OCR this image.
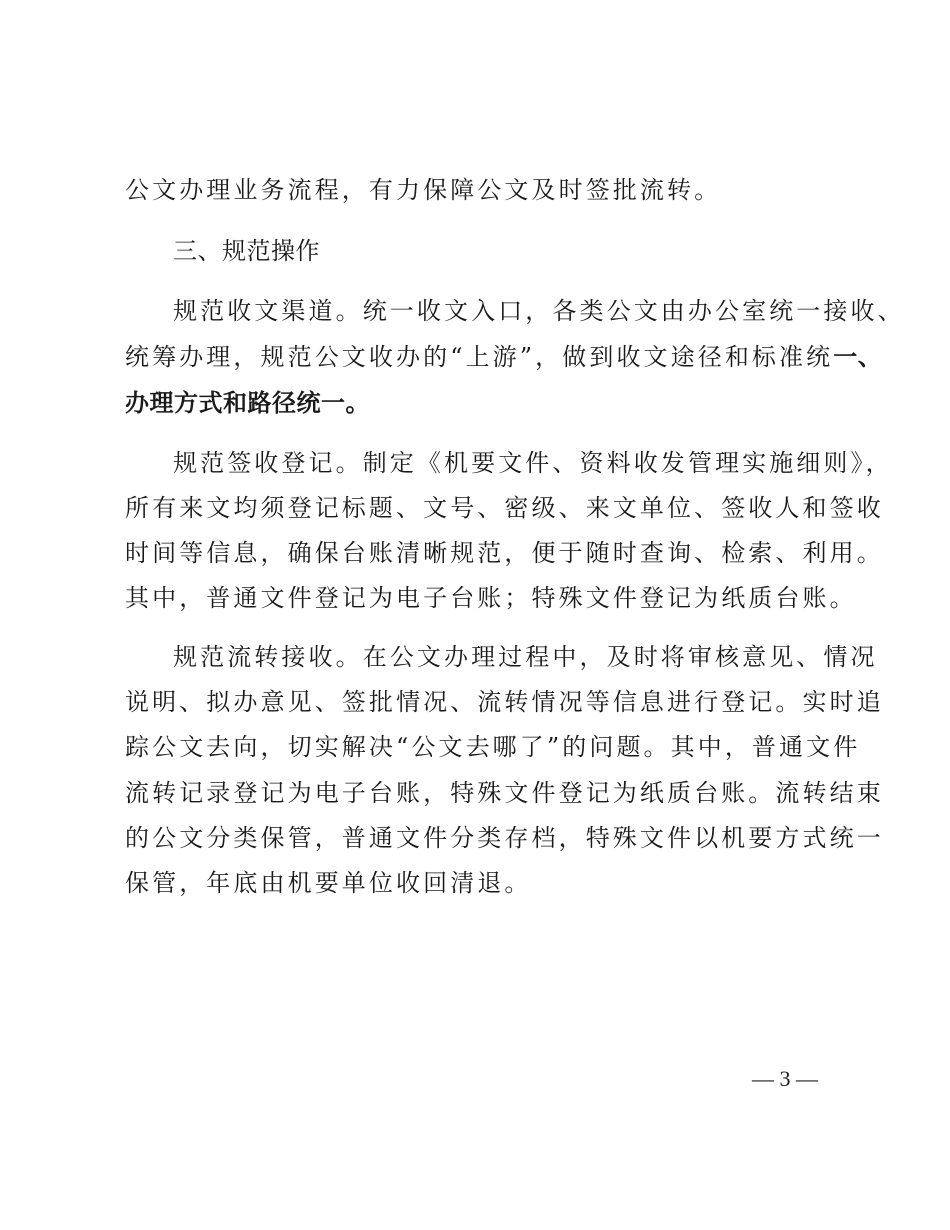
公文办理业务流程，有力保障公文及时签批流转。
三、规范操作
规范收文渠道。统一收文入口，各类公文由办公室统一接收、
统筹办理，规范公文收办的“上游”，做到收文途径和标准统一、
办理方式和路径统一。
规范签收登记。制定《机要文件、资料收发管理实施细则》，
所有来文均须登记标题、文号、密级、来文单位、签收人和签收
时间等信息，确保台账清晰规范，便于随时查询、检索、利用。
其中，普通文件登记为电子台账；特殊文件登记为纸质台账。
规范流转接收。在公文办理过程中，及时将审核意见、情况
说明、拟办意见、签批情况、流转情况等信息进行登记。实时追
踪公文去向，切实解决“公文去哪了”的问题。其中，普通文件
流转记录登记为电子台账，特殊文件登记为纸质台账。流转结束
的公文分类保管，普通文件分类存档，特殊文件以机要方式统一
保管，年底由机要单位收回清退。
— 3 —
